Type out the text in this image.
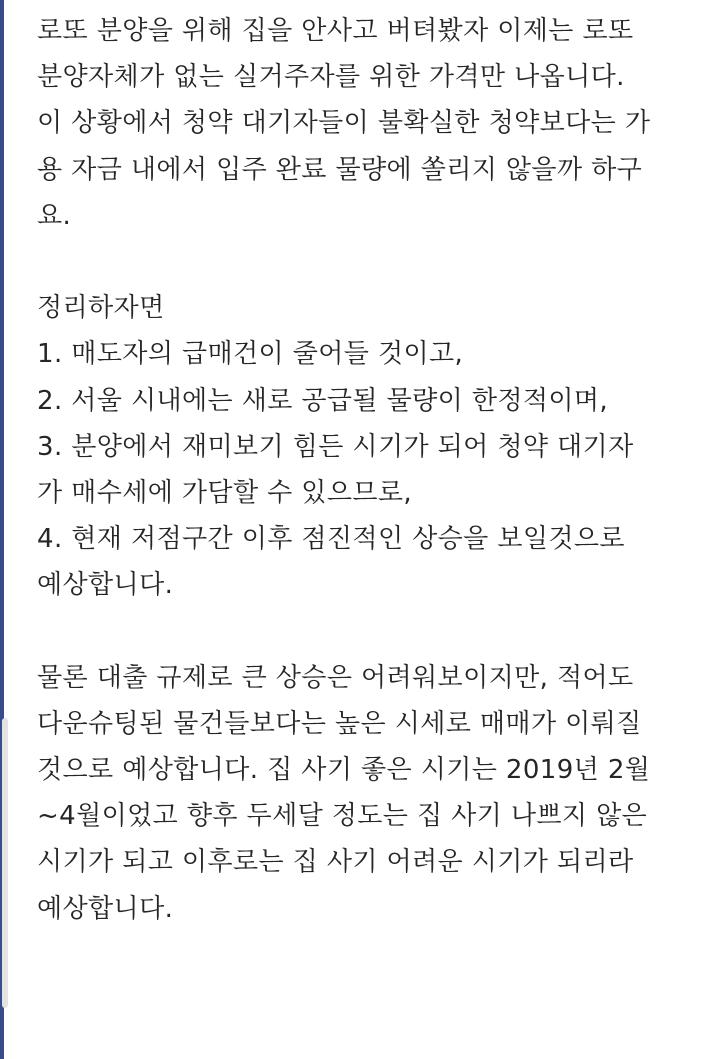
로또 분양을 위해 집을 안사고 버텨봤자 이제는 로또
분양자체가 없는 실거주자를 위한 가격만 나옵니다.
이 상황에서 청약 대기자들이 불확실한 청약보다는 가
용 자금 내에서 입주 완료 물량에 쏠리지 않을까 하구
요.
정리하자면
1. 매도자의 급매건이 줄어들 것이고,
2. 서울 시내에는 새로 공급될 물량이 한정적이며,
3. 분양에서 재미보기 힘든 시기가 되어 청약 대기자
가 매수세에 가담할 수 있으므로,
4. 현재 저점구간 이후 점진적인 상승을 보일것으로
예상합니다.
물론 대출 규제로 큰 상승은 어려워보이지만, 적어도
다운슈팅된 물건들보다는 높은 시세로 매매가 이뤄질
것으로 예상합니다. 집 사기 좋은 시기는 2019년 2월
~4월이었고 향후 두세달 정도는 집 사기 나쁘지 않은
시기가 되고 이후로는 집 사기 어려운 시기가 되리라
예상합니다.
